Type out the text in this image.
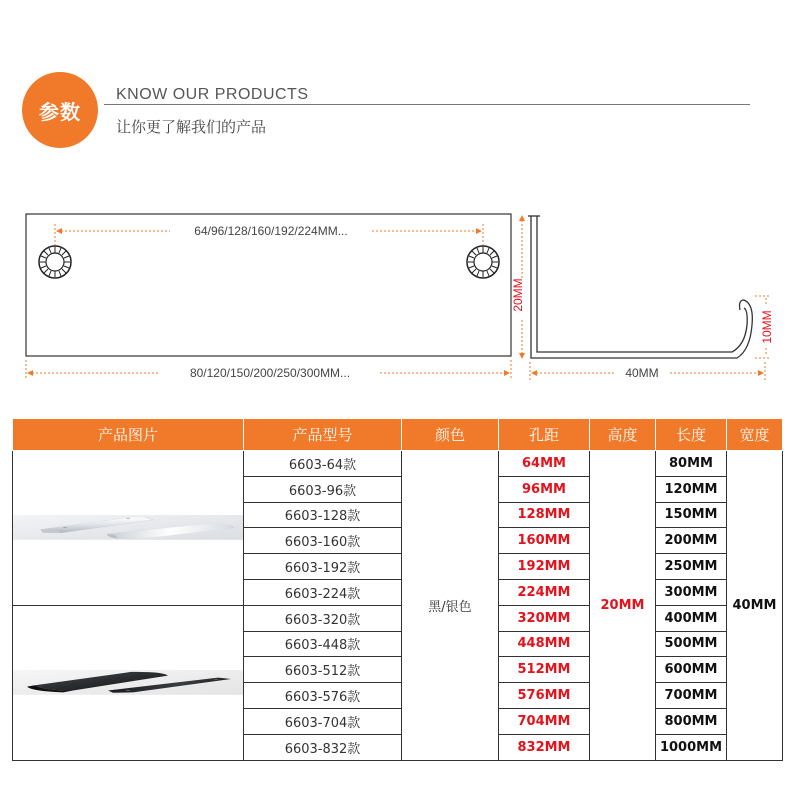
参数
KNOW OUR PRODUCTS
让你更了解我们的产品
64/96/128/160/192/224MM...
80/120/150/200/250/300MM...
20MM
10MM
40MM
产品图片	产品型号	颜色	孔距	高度	长度	宽度

	6603-64款	黑/银色	64MM	20MM	80MM	40MM
	6603-96款		96MM		120MM	
	6603-128款		128MM		150MM	
	6603-160款		160MM		200MM	
	6603-192款		192MM		250MM	
	6603-224款		224MM		300MM	

	6603-320款		320MM		400MM	
	6603-448款		448MM		500MM	
	6603-512款		512MM		600MM	
	6603-576款		576MM		700MM	
	6603-704款		704MM		800MM	
	6603-832款		832MM		1000MM	
